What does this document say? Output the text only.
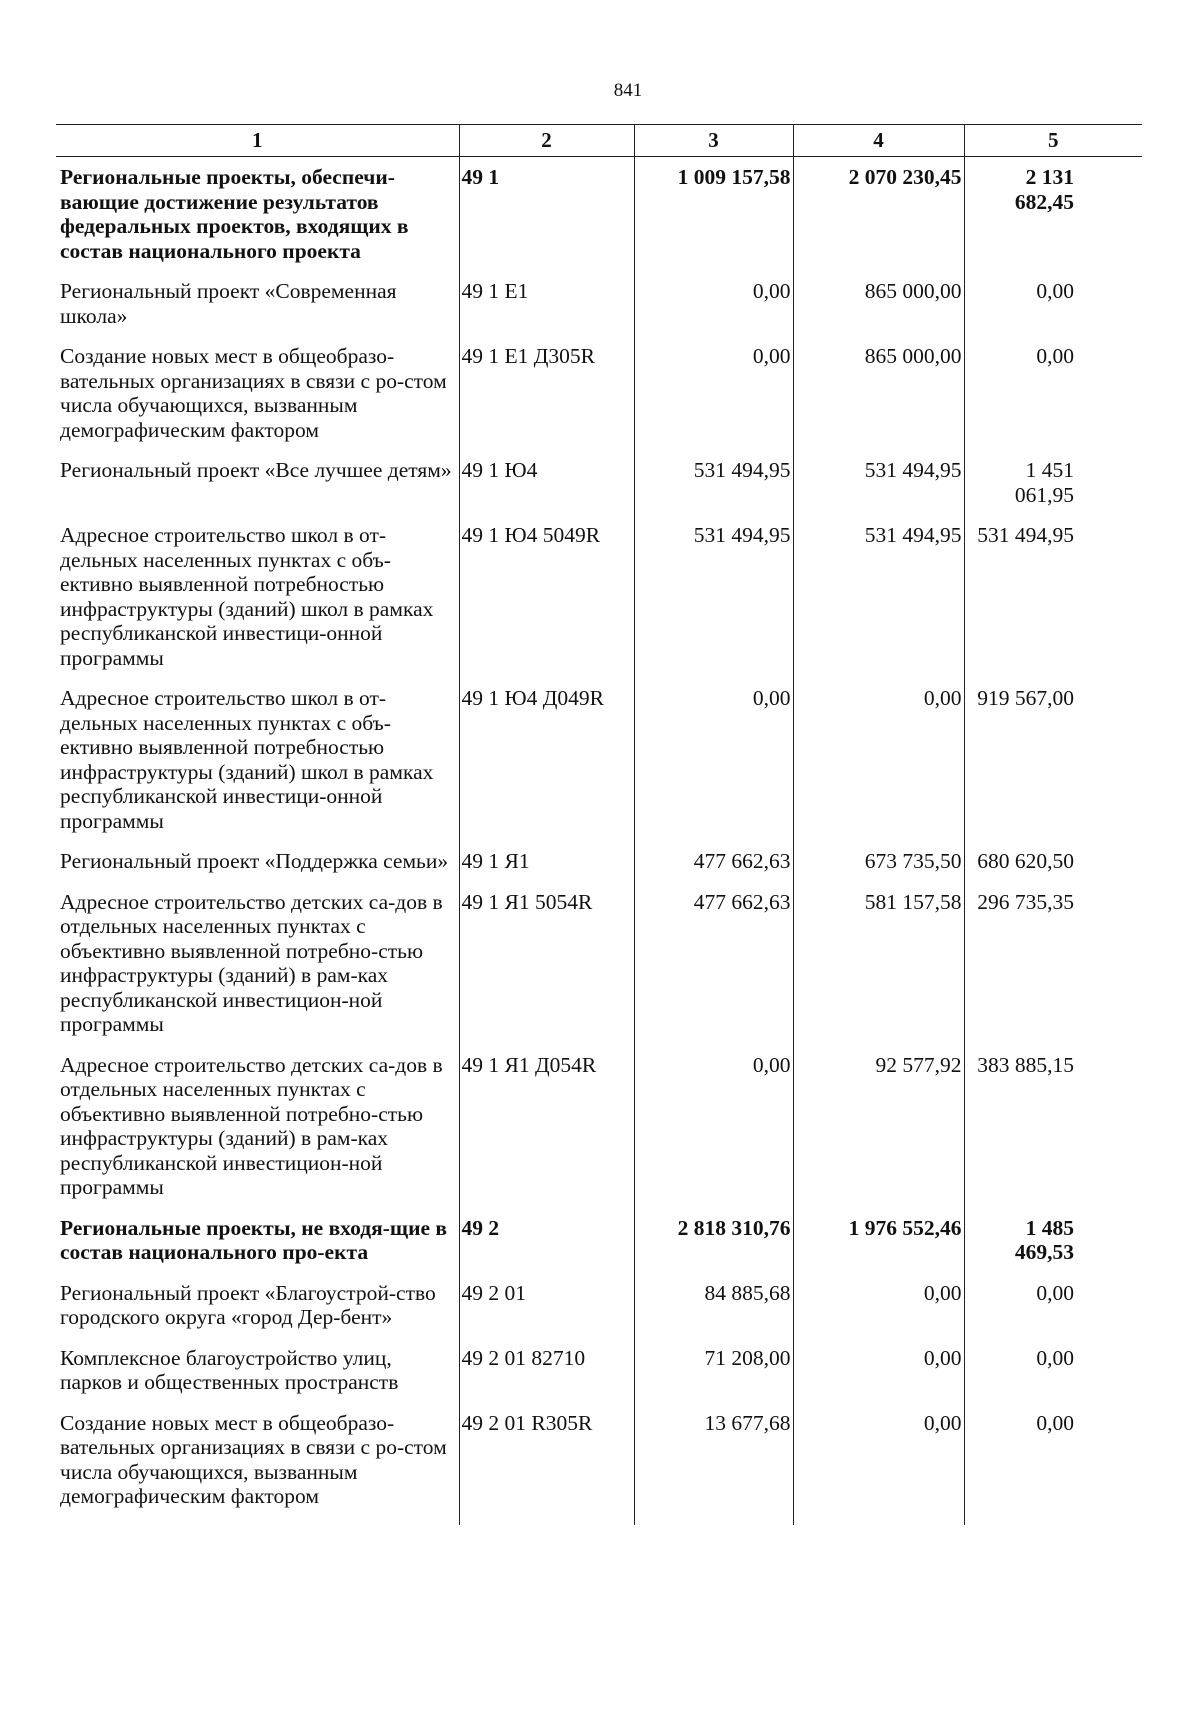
841
1	2	3	4	5
Региональные проекты, обеспечи-вающие достижение результатов федеральных проектов, входящих в состав национального проекта	49 1	1 009 157,58	2 070 230,45	2 131 682,45
Региональный проект «Современная школа»	49 1 E1	0,00	865 000,00	0,00
Создание новых мест в общеобразо-вательных организациях в связи с ро-стом числа обучающихся, вызванным демографическим фактором	49 1 E1 Д305R	0,00	865 000,00	0,00
Региональный проект «Все лучшее детям»	49 1 Ю4	531 494,95	531 494,95	1 451 061,95
Адресное строительство школ в от-дельных населенных пунктах с объ-ективно выявленной потребностью инфраструктуры (зданий) школ в рамках республиканской инвестици-онной программы	49 1 Ю4 5049R	531 494,95	531 494,95	531 494,95
Адресное строительство школ в от-дельных населенных пунктах с объ-ективно выявленной потребностью инфраструктуры (зданий) школ в рамках республиканской инвестици-онной программы	49 1 Ю4 Д049R	0,00	0,00	919 567,00
Региональный проект «Поддержка семьи»	49 1 Я1	477 662,63	673 735,50	680 620,50
Адресное строительство детских са-дов в отдельных населенных пунктах с объективно выявленной потребно-стью инфраструктуры (зданий) в рам-ках республиканской инвестицион-ной программы	49 1 Я1 5054R	477 662,63	581 157,58	296 735,35
Адресное строительство детских са-дов в отдельных населенных пунктах с объективно выявленной потребно-стью инфраструктуры (зданий) в рам-ках республиканской инвестицион-ной программы	49 1 Я1 Д054R	0,00	92 577,92	383 885,15
Региональные проекты, не входя-щие в состав национального про-екта	49 2	2 818 310,76	1 976 552,46	1 485 469,53
Региональный проект «Благоустрой-ство городского округа «город Дер-бент»	49 2 01	84 885,68	0,00	0,00
Комплексное благоустройство улиц, парков и общественных пространств	49 2 01 82710	71 208,00	0,00	0,00
Создание новых мест в общеобразо-вательных организациях в связи с ро-стом числа обучающихся, вызванным демографическим фактором	49 2 01 R305R	13 677,68	0,00	0,00
